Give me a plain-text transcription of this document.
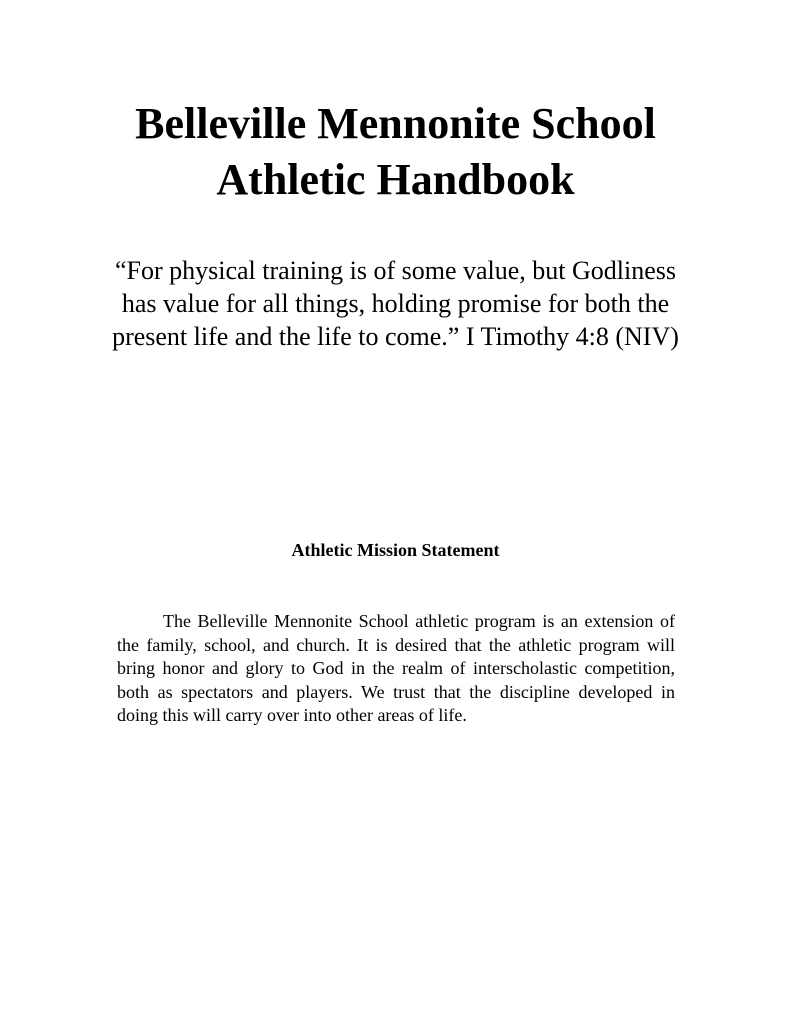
Belleville Mennonite School
Athletic Handbook

“For physical training is of some value, but Godliness has value for all things, holding promise for both the present life and the life to come.” I Timothy 4:8 (NIV)

Athletic Mission Statement

The Belleville Mennonite School athletic program is an extension of the family, school, and church. It is desired that the athletic program will bring honor and glory to God in the realm of interscholastic competition, both as spectators and players. We trust that the discipline developed in doing this will carry over into other areas of life.
